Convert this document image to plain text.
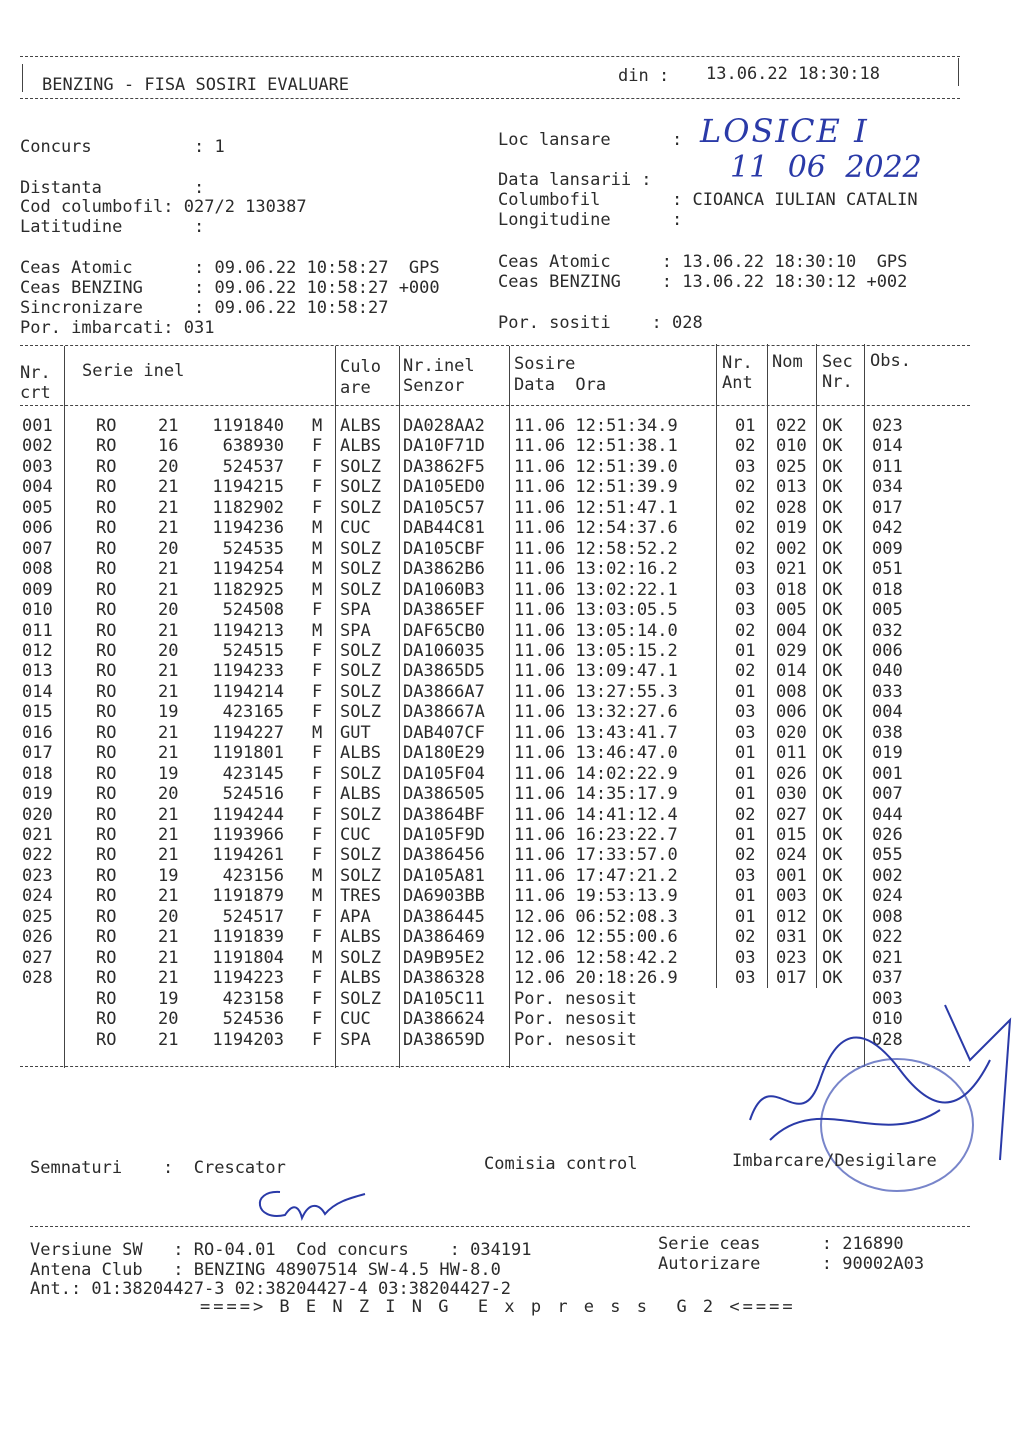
BENZING - FISA SOSIRI EVALUARE	din : 13.06.22 18:30:18
Concurs          : 1
Distanta         :
Cod columbofil: 027/2 130387
Latitudine       :
Ceas Atomic      : 09.06.22 10:58:27  GPS
Ceas BENZING     : 09.06.22 10:58:27 +000
Sincronizare     : 09.06.22 10:58:27
Por. imbarcati: 031
Loc lansare      :
Data lansarii :
Columbofil       : CIOANCA IULIAN CATALIN
Longitudine      :
Ceas Atomic     : 13.06.22 18:30:10  GPS
Ceas BENZING    : 13.06.22 18:30:12 +002
Por. sositi    : 028
LOSICE I
11 06 2022
Nr.
crt
Serie inel	Culo
are
Nr.inel
Senzor
Sosire
Data  Ora
Nr.
Ant
Nom Sec
Nr.
Obs.
001	RO	21	1191840 M	ALBS	DA028AA2	11.06 12:51:34.9	01	022 OK	023
002	RO	16	638930 F	ALBS	DA10F71D	11.06 12:51:38.1	02	010 OK	014
003	RO	20	524537 F	SOLZ	DA3862F5	11.06 12:51:39.0	03	025 OK	011
004	RO	21	1194215 F	SOLZ	DA105ED0	11.06 12:51:39.9	02	013 OK	034
005	RO	21	1182902 F	SOLZ	DA105C57	11.06 12:51:47.1	02	028 OK	017
006	RO	21	1194236 M	CUC	DAB44C81	11.06 12:54:37.6	02	019 OK	042
007	RO	20	524535 M	SOLZ	DA105CBF	11.06 12:58:52.2	02	002 OK	009
008	RO	21	1194254 M	SOLZ	DA3862B6	11.06 13:02:16.2	03	021 OK	051
009	RO	21	1182925 M	SOLZ	DA1060B3	11.06 13:02:22.1	03	018 OK	018
010	RO	20	524508 F	SPA	DA3865EF	11.06 13:03:05.5	03	005 OK	005
011	RO	21	1194213 M	SPA	DAF65CB0	11.06 13:05:14.0	02	004 OK	032
012	RO	20	524515 F	SOLZ	DA106035	11.06 13:05:15.2	01	029 OK	006
013	RO	21	1194233 F	SOLZ	DA3865D5	11.06 13:09:47.1	02	014 OK	040
014	RO	21	1194214 F	SOLZ	DA3866A7	11.06 13:27:55.3	01	008 OK	033
015	RO	19	423165 F	SOLZ	DA38667A	11.06 13:32:27.6	03	006 OK	004
016	RO	21	1194227 M	GUT	DAB407CF	11.06 13:43:41.7	03	020 OK	038
017	RO	21	1191801 F	ALBS	DA180E29	11.06 13:46:47.0	01	011 OK	019
018	RO	19	423145 F	SOLZ	DA105F04	11.06 14:02:22.9	01	026 OK	001
019	RO	20	524516 F	ALBS	DA386505	11.06 14:35:17.9	01	030 OK	007
020	RO	21	1194244 F	SOLZ	DA3864BF	11.06 14:41:12.4	02	027 OK	044
021	RO	21	1193966 F	CUC	DA105F9D	11.06 16:23:22.7	01	015 OK	026
022	RO	21	1194261 F	SOLZ	DA386456	11.06 17:33:57.0	02	024 OK	055
023	RO	19	423156 M	SOLZ	DA105A81	11.06 17:47:21.2	03	001 OK	002
024	RO	21	1191879 M	TRES	DA6903BB	11.06 19:53:13.9	01	003 OK	024
025	RO	20	524517 F	APA	DA386445	12.06 06:52:08.3	01	012 OK	008
026	RO	21	1191839 F	ALBS	DA386469	12.06 12:55:00.6	02	031 OK	022
027	RO	21	1191804 M	SOLZ	DA9B95E2	12.06 12:58:42.2	03	023 OK	021
028	RO	21	1194223 F	ALBS	DA386328	12.06 20:18:26.9	03	017 OK	037
RO	19	423158 F	SOLZ	DA105C11	Por. nesosit	003
RO	20	524536 F	CUC	DA386624	Por. nesosit	010
RO	21	1194203 F	SPA	DA38659D	Por. nesosit	028
Semnaturi    :  Crescator	Comisia control	Imbarcare/Desigilare
Versiune SW   : RO-04.01  Cod concurs    : 034191	Serie ceas      : 216890
Antena Club   : BENZING 48907514 SW-4.5 HW-8.0	Autorizare      : 90002A03
Ant.: 01:38204427-3 02:38204427-4 03:38204427-2
====> B E N Z I N G  E x p r e s s  G 2 <====
